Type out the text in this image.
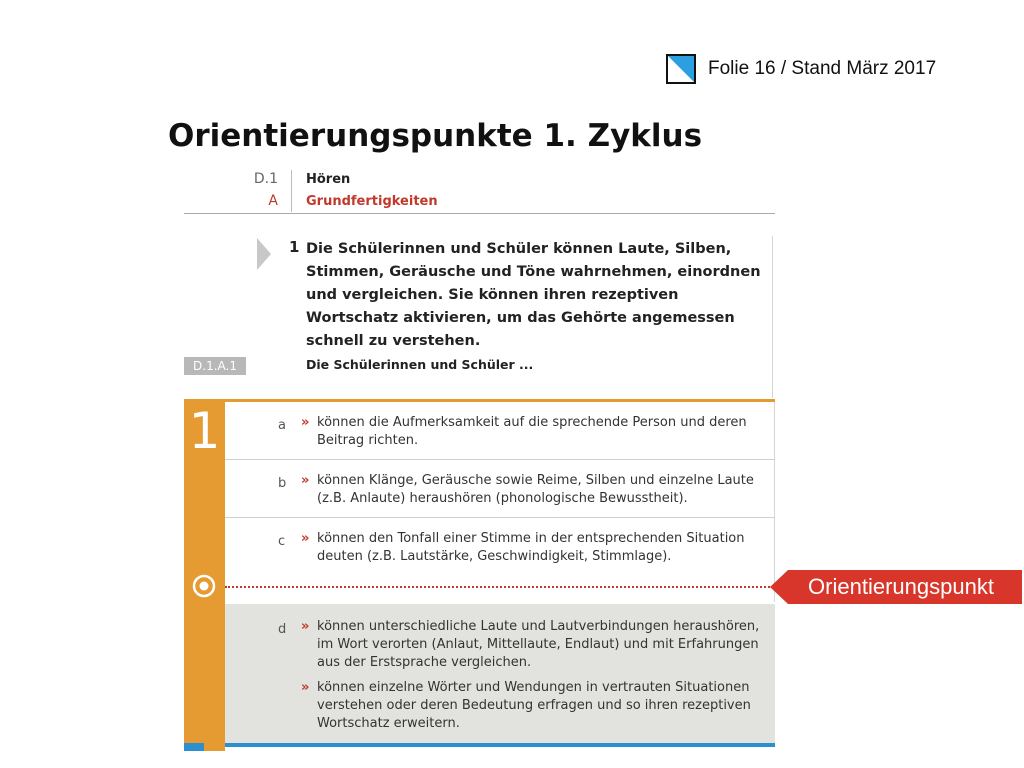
Folie 16 / Stand März 2017
Orientierungspunkte 1. Zyklus
D.1
A
Hören
Grundfertigkeiten
1 Die Schülerinnen und Schüler können Laute, Silben, Stimmen, Geräusche und Töne wahrnehmen, einordnen und vergleichen. Sie können ihren rezeptiven Wortschatz aktivieren, um das Gehörte angemessen schnell zu verstehen.
D.1.A.1	Die Schülerinnen und Schüler ...
1	a » können die Aufmerksamkeit auf die sprechende Person und deren Beitrag richten.
b » können Klänge, Geräusche sowie Reime, Silben und einzelne Laute (z.B. Anlaute) heraushören (phonologische Bewusstheit).
c » können den Tonfall einer Stimme in der entsprechenden Situation deuten (z.B. Lautstärke, Geschwindigkeit, Stimmlage).
d » können unterschiedliche Laute und Lautverbindungen heraushören, im Wort verorten (Anlaut, Mittellaute, Endlaut) und mit Erfahrungen aus der Erstsprache vergleichen.
» können einzelne Wörter und Wendungen in vertrauten Situationen verstehen oder deren Bedeutung erfragen und so ihren rezeptiven Wortschatz erweitern.
Orientierungspunkt
